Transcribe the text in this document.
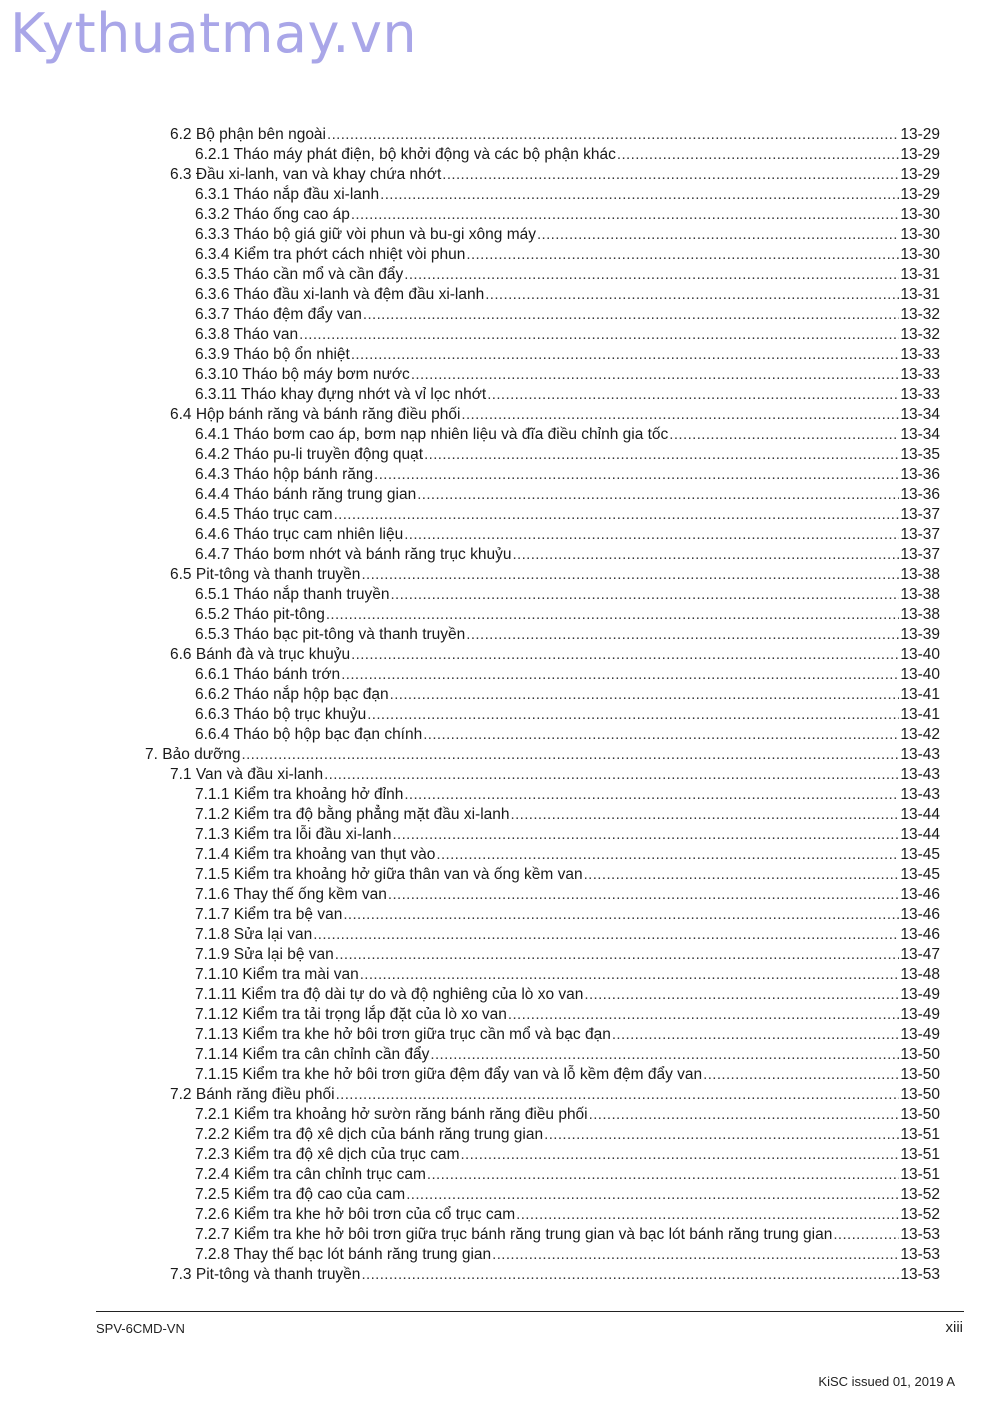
Kythuatmay.vn
6.2 Bộ phận bên ngoài .....	13-29
6.2.1 Tháo máy phát điện, bộ khởi động và các bộ phận khác .....	13-29
6.3 Đầu xi-lanh, van và khay chứa nhớt .....	13-29
6.3.1 Tháo nắp đầu xi-lanh .....	13-29
6.3.2 Tháo ống cao áp .....	13-30
6.3.3 Tháo bộ giá giữ vòi phun và bu-gi xông máy .....	13-30
6.3.4 Kiểm tra phớt cách nhiệt vòi phun .....	13-30
6.3.5 Tháo cần mổ và cần đẩy .....	13-31
6.3.6 Tháo đầu xi-lanh và đệm đầu xi-lanh .....	13-31
6.3.7 Tháo đệm đẩy van .....	13-32
6.3.8 Tháo van .....	13-32
6.3.9 Tháo bộ ổn nhiệt .....	13-33
6.3.10 Tháo bộ máy bơm nước .....	13-33
6.3.11 Tháo khay đựng nhớt và vỉ lọc nhớt .....	13-33
6.4 Hộp bánh răng và bánh răng điều phối .....	13-34
6.4.1 Tháo bơm cao áp, bơm nạp nhiên liệu và đĩa điều chỉnh gia tốc .....	13-34
6.4.2 Tháo pu-li truyền động quạt .....	13-35
6.4.3 Tháo hộp bánh răng .....	13-36
6.4.4 Tháo bánh răng trung gian .....	13-36
6.4.5 Tháo trục cam .....	13-37
6.4.6 Tháo trục cam nhiên liệu .....	13-37
6.4.7 Tháo bơm nhớt và bánh răng trục khuỷu .....	13-37
6.5 Pit-tông và thanh truyền .....	13-38
6.5.1 Tháo nắp thanh truyền .....	13-38
6.5.2 Tháo pit-tông .....	13-38
6.5.3 Tháo bạc pit-tông và thanh truyền .....	13-39
6.6 Bánh đà và trục khuỷu .....	13-40
6.6.1 Tháo bánh trớn .....	13-40
6.6.2 Tháo nắp hộp bạc đạn .....	13-41
6.6.3 Tháo bộ trục khuỷu .....	13-41
6.6.4 Tháo bộ hộp bạc đạn chính .....	13-42
7. Bảo dưỡng .....	13-43
7.1 Van và đầu xi-lanh .....	13-43
7.1.1 Kiểm tra khoảng hở đỉnh .....	13-43
7.1.2 Kiểm tra độ bằng phẳng mặt đầu xi-lanh .....	13-44
7.1.3 Kiểm tra lỗi đầu xi-lanh .....	13-44
7.1.4 Kiểm tra khoảng van thụt vào .....	13-45
7.1.5 Kiểm tra khoảng hở giữa thân van và ống kềm van .....	13-45
7.1.6 Thay thế ống kềm van .....	13-46
7.1.7 Kiểm tra bệ van .....	13-46
7.1.8 Sửa lại van .....	13-46
7.1.9 Sửa lại bệ van .....	13-47
7.1.10 Kiểm tra mài van .....	13-48
7.1.11 Kiểm tra độ dài tự do và độ nghiêng của lò xo van .....	13-49
7.1.12 Kiểm tra tải trọng lắp đặt của lò xo van .....	13-49
7.1.13 Kiểm tra khe hở bôi trơn giữa trục cần mổ và bạc đạn .....	13-49
7.1.14 Kiểm tra cân chỉnh cần đẩy .....	13-50
7.1.15 Kiểm tra khe hở bôi trơn giữa đệm đẩy van và lỗ kềm đệm đẩy van .....	13-50
7.2 Bánh răng điều phối .....	13-50
7.2.1 Kiểm tra khoảng hở sườn răng bánh răng điều phối .....	13-50
7.2.2 Kiểm tra độ xê dịch của bánh răng trung gian .....	13-51
7.2.3 Kiểm tra độ xê dịch của trục cam .....	13-51
7.2.4 Kiểm tra cân chỉnh trục cam .....	13-51
7.2.5 Kiểm tra độ cao của cam .....	13-52
7.2.6 Kiểm tra khe hở bôi trơn của cổ trục cam .....	13-52
7.2.7 Kiểm tra khe hở bôi trơn giữa trục bánh răng trung gian và bạc lót bánh răng trung gian .....	13-53
7.2.8 Thay thế bạc lót bánh răng trung gian .....	13-53
7.3 Pit-tông và thanh truyền .....	13-53
SPV-6CMD-VN	xiii
KiSC issued 01, 2019 A
